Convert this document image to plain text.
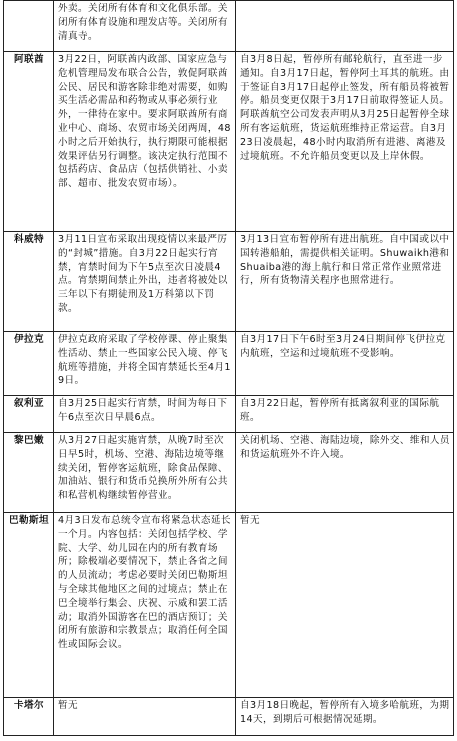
	外卖。关闭所有体育和文化俱乐部。关闭所有体育设施和理发店等。关闭所有清真寺。	
阿联酋	3月22日，阿联酋内政部、国家应急与危机管理局发布联合公告，敦促阿联酋公民、居民和游客除非绝对需要，如购买生活必需品和药物或从事必须行业外，一律待在家中。要求阿联酋所有商业中心、商场、农贸市场关闭两周，48小时之后开始执行，执行期限可能根据效果评估另行调整。该决定执行范围不包括药店、食品店（包括供销社、小卖部、超市、批发农贸市场）。	自3月8日起，暂停所有邮轮航行，直至进一步通知。自3月17日起，暂停阿土耳其的航班。由于签证自3月17日起停止签发，所有船员将被暂停。船员变更仅限于3月17日前取得签证人员。阿联酋航空公司发表声明从3月25日起暂停全球所有客运航班，货运航班维持正常运营。自3月23日凌晨起，48小时内取消所有进港、离港及过境航班。不允许船员变更以及上岸休假。
科威特	3月11日宣布采取出现疫情以来最严厉的“封城”措施。自3月22日起实行宵禁，宵禁时间为下午5点至次日凌晨4点。宵禁期间禁止外出，违者将被处以三年以下有期徒刑及1万科第以下罚款。	3月13日宣布暂停所有进出航班。自中国或以中国转港船舶，需提供相关证明。Shuwaikh港和Shuaiba港的海上航行和日常正常作业照常进行，所有货物清关程序也照常进行。
伊拉克	伊拉克政府采取了学校停课、停止聚集性活动、禁止一些国家公民入境、停飞航班等措施，并将全国宵禁延长至4月19日。	自3月17日下午6时至3月24日期间停飞伊拉克内航班，空运和过境航班不受影响。
叙利亚	自3月25日起实行宵禁，时间为每日下午6点至次日早晨6点。	自3月22日起，暂停所有抵离叙利亚的国际航班。
黎巴嫩	从3月27日起实施宵禁，从晚7时至次日早5时，机场、空港、海陆边境等继续关闭，暂停客运航班，除食品保障、加油站、银行和货币兑换所外所有公共和私营机构继续暂停营业。	关闭机场、空港、海陆边境，除外交、维和人员和货运航班外不许入境。
巴勒斯坦	4月3日发布总统令宣布将紧急状态延长一个月。内容包括：关闭包括学校、学院、大学、幼儿园在内的所有教育场所；除极端必要情况下，禁止各省之间的人员流动；考虑必要时关闭巴勒斯坦与全球其他地区之间的过境点；禁止在巴全境举行集会、庆祝、示威和罢工活动；取消外国游客在巴的酒店预订；关闭所有旅游和宗教景点；取消任何全国性或国际会议。	暂无
卡塔尔	暂无	自3月18日晚起，暂停所有入境多哈航班，为期14天，到期后可根据情况延期。
